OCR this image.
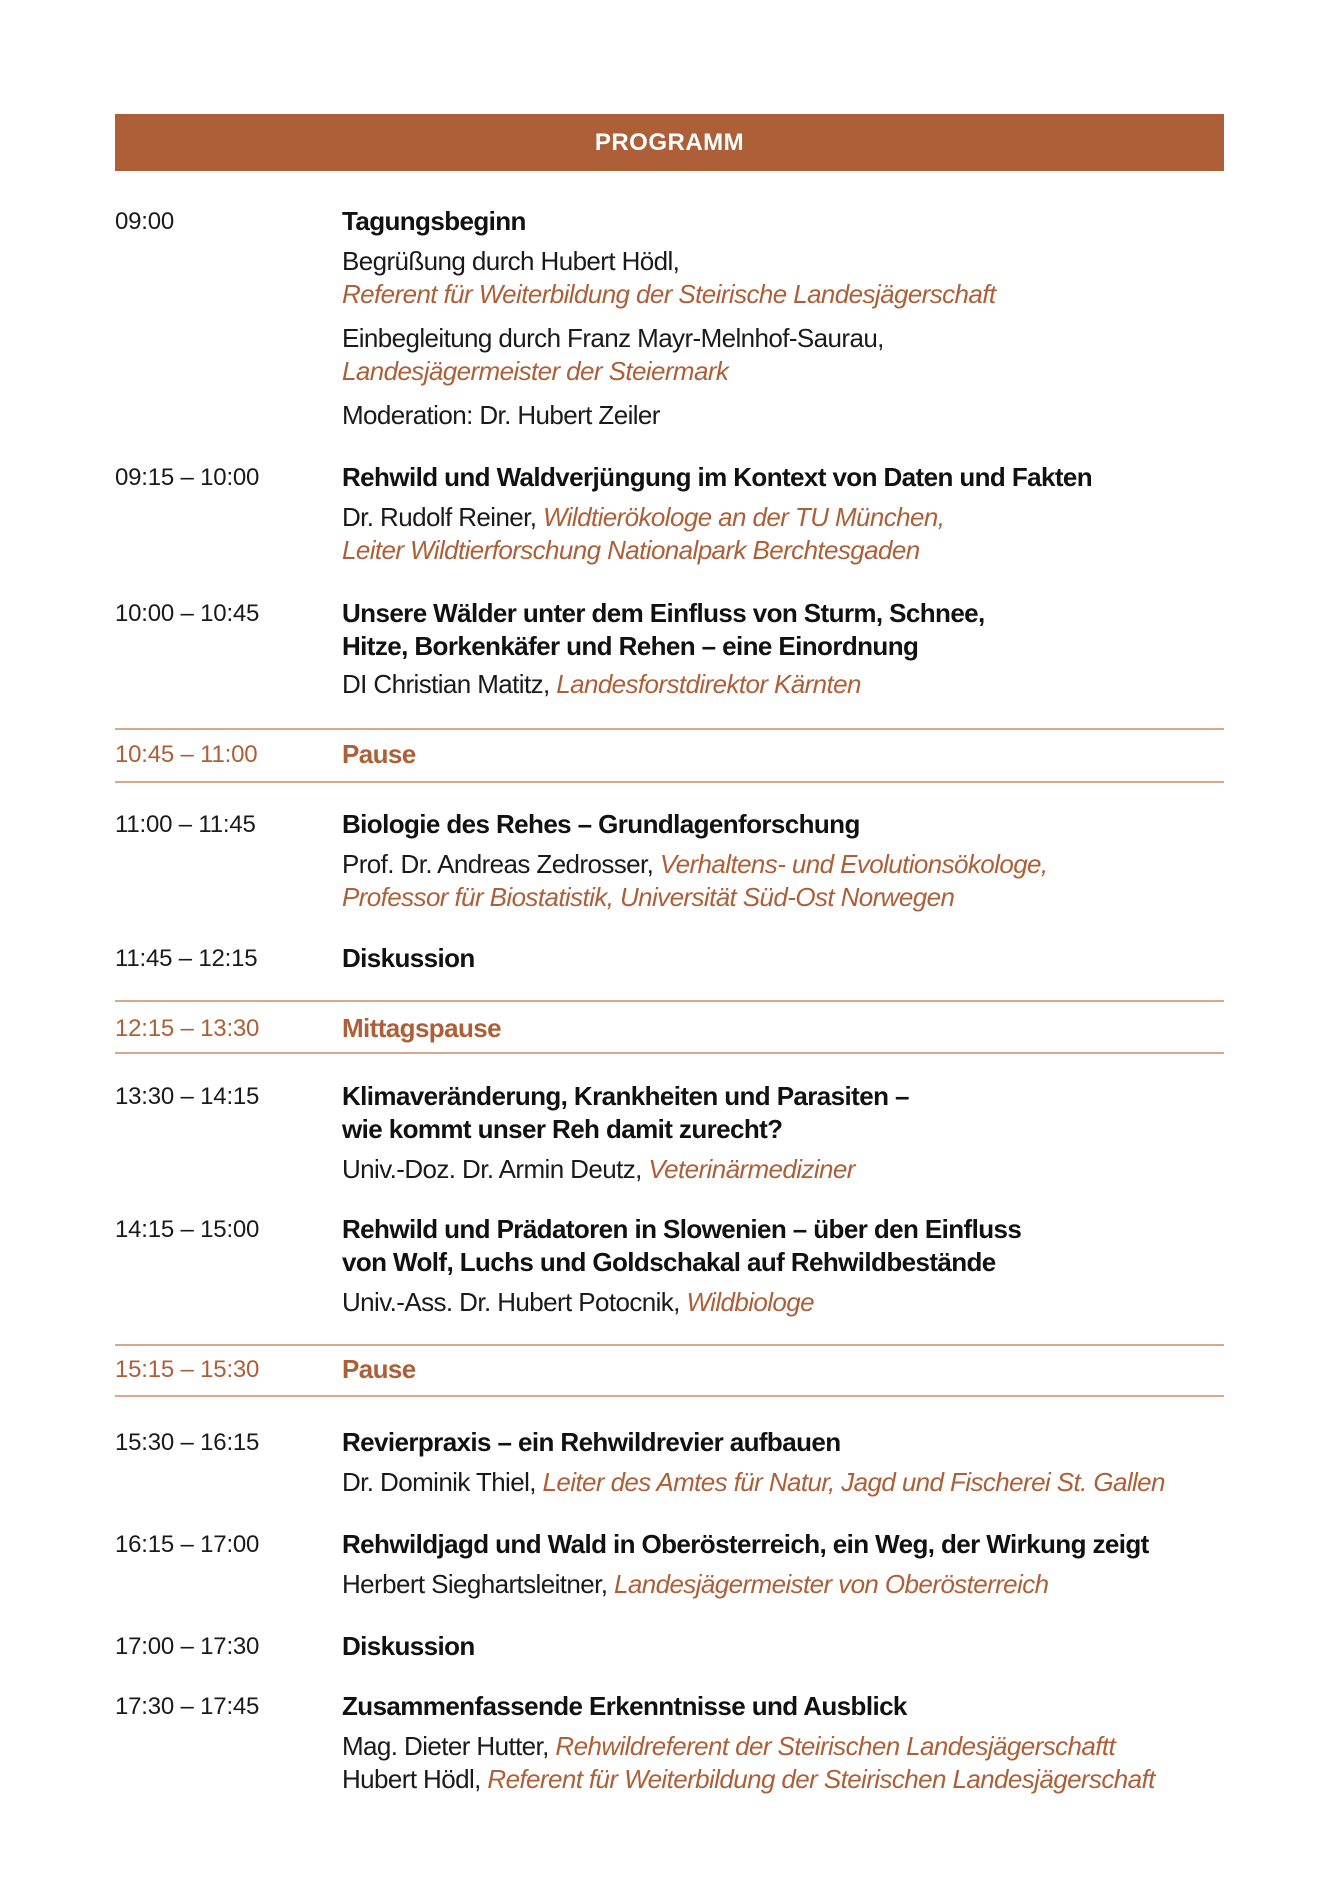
PROGRAMM
09:00	Tagungsbeginn
Begrüßung durch Hubert Hödl,
Referent für Weiterbildung der Steirische Landesjägerschaft
Einbegleitung durch Franz Mayr-Melnhof-Saurau,
Landesjägermeister der Steiermark
Moderation: Dr. Hubert Zeiler
09:15 – 10:00	Rehwild und Waldverjüngung im Kontext von Daten und Fakten
Dr. Rudolf Reiner, Wildtierökologe an der TU München,
Leiter Wildtierforschung Nationalpark Berchtesgaden
10:00 – 10:45	Unsere Wälder unter dem Einfluss von Sturm, Schnee,
Hitze, Borkenkäfer und Rehen – eine Einordnung
DI Christian Matitz, Landesforstdirektor Kärnten
10:45 – 11:00	Pause
11:00 – 11:45	Biologie des Rehes – Grundlagenforschung
Prof. Dr. Andreas Zedrosser, Verhaltens- und Evolutionsökologe,
Professor für Biostatistik, Universität Süd-Ost Norwegen
11:45 – 12:15	Diskussion
12:15 – 13:30	Mittagspause
13:30 – 14:15	Klimaveränderung, Krankheiten und Parasiten –
wie kommt unser Reh damit zurecht?
Univ.-Doz. Dr. Armin Deutz, Veterinärmediziner
14:15 – 15:00	Rehwild und Prädatoren in Slowenien – über den Einfluss
von Wolf, Luchs und Goldschakal auf Rehwildbestände
Univ.-Ass. Dr. Hubert Potocnik, Wildbiologe
15:15 – 15:30	Pause
15:30 – 16:15	Revierpraxis – ein Rehwildrevier aufbauen
Dr. Dominik Thiel, Leiter des Amtes für Natur, Jagd und Fischerei St. Gallen
16:15 – 17:00	Rehwildjagd und Wald in Oberösterreich, ein Weg, der Wirkung zeigt
Herbert Sieghartsleitner, Landesjägermeister von Oberösterreich
17:00 – 17:30	Diskussion
17:30 – 17:45	Zusammenfassende Erkenntnisse und Ausblick
Mag. Dieter Hutter, Rehwildreferent der Steirischen Landesjägerschaftt
Hubert Hödl, Referent für Weiterbildung der Steirischen Landesjägerschaft
